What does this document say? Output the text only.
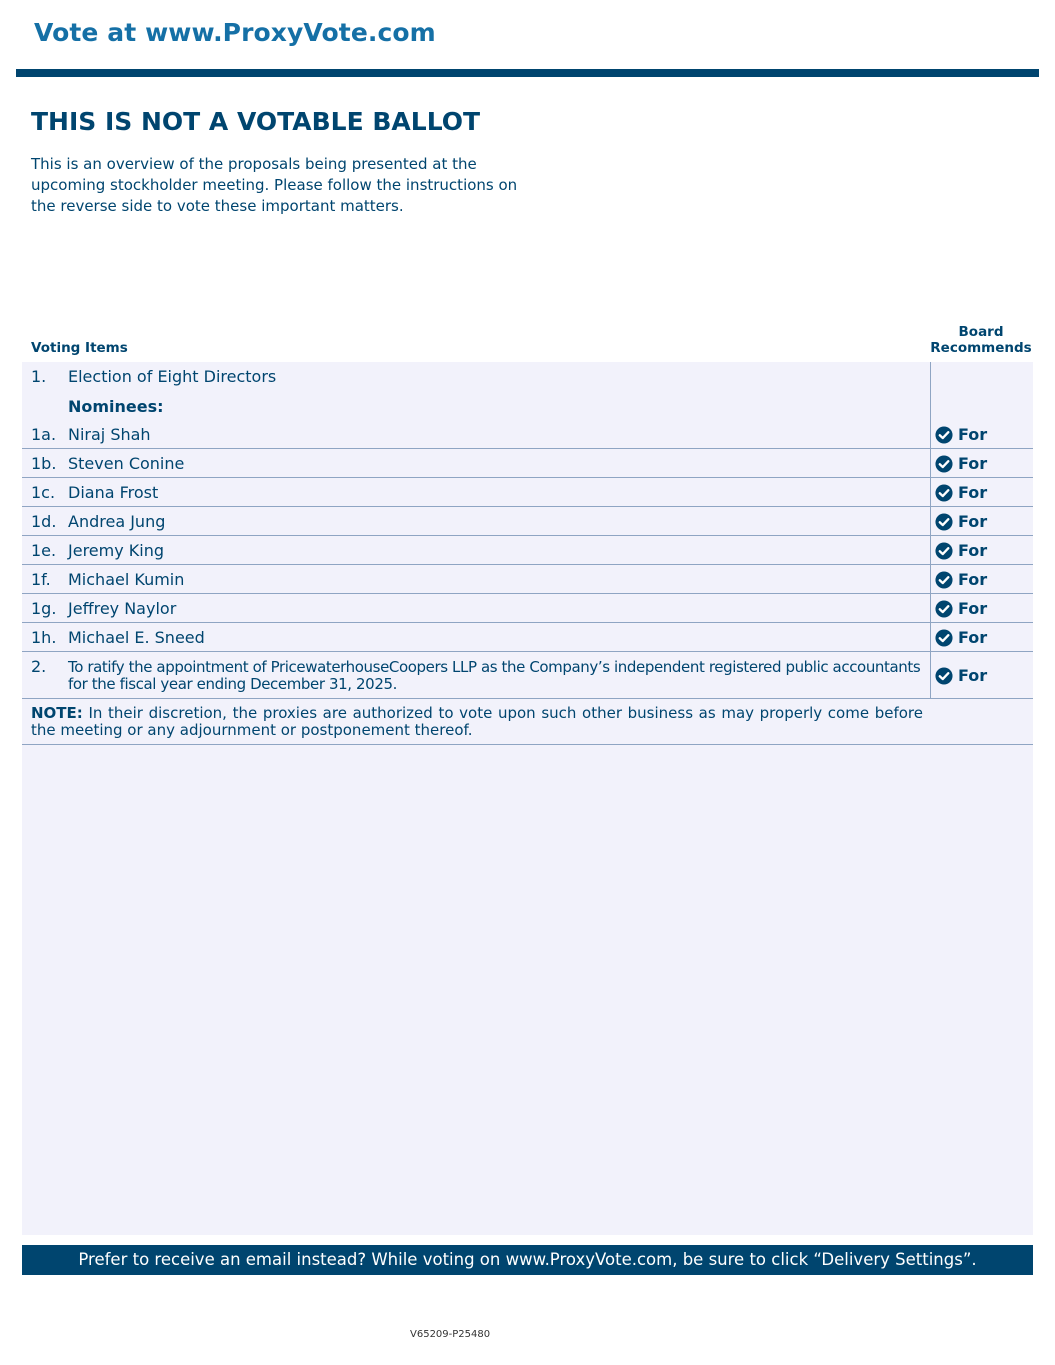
Vote at www.ProxyVote.com
THIS IS NOT A VOTABLE BALLOT
This is an overview of the proposals being presented at the upcoming stockholder meeting. Please follow the instructions on the reverse side to vote these important matters.
Voting Items
Board
Recommends
1. Election of Eight Directors
Nominees:
1a. Niraj Shah	For
1b. Steven Conine	For
1c. Diana Frost	For
1d. Andrea Jung	For
1e. Jeremy King	For
1f. Michael Kumin	For
1g. Jeffrey Naylor	For
1h. Michael E. Sneed	For
2. To ratify the appointment of PricewaterhouseCoopers LLP as the Company’s independent registered public accountants for the fiscal year ending December 31, 2025.	For
NOTE: In their discretion, the proxies are authorized to vote upon such other business as may properly come before the meeting or any adjournment or postponement thereof.
Prefer to receive an email instead? While voting on www.ProxyVote.com, be sure to click “Delivery Settings”.
V65209-P25480
